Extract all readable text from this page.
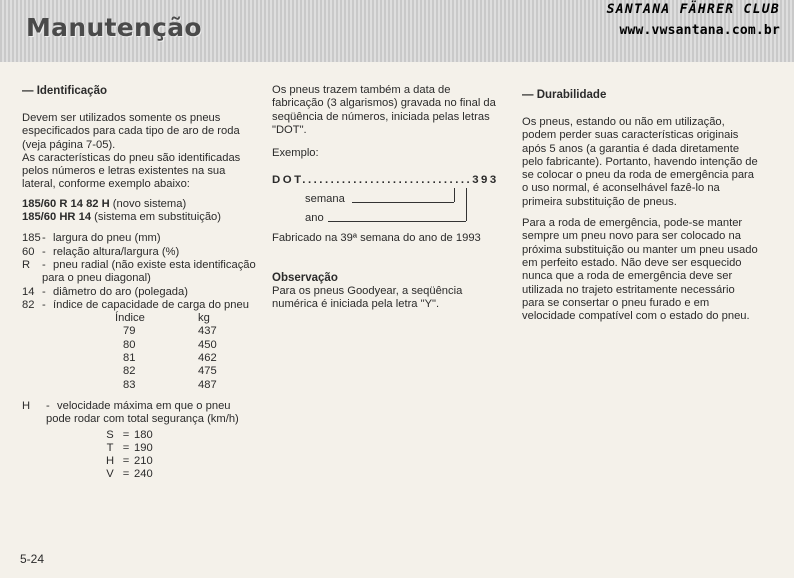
Manutenção
SANTANA FÄHRER CLUB
www.vwsantana.com.br
— Identificação

Devem ser utilizados somente os pneus especificados para cada tipo de aro de roda (veja página 7-05).

As características do pneu são identificadas pelos números e letras existentes na sua lateral, conforme exemplo abaixo:

185/60 R 14 82 H (novo sistema)

185/60 HR 14 (sistema em substituição)

185 - largura do pneu (mm)
60 - relação altura/largura (%)
R	- pneu radial (não existe esta identificação para o pneu diagonal)
14 - diâmetro do aro (polegada)
82 - índice de capacidade de carga do pneu
Índice	kg
79	437
80	450
81	462
82	475
83	487
H	- velocidade máxima em que o pneu pode rodar com total segurança (km/h)
S = 180
T = 190
H = 210
V = 240

Os pneus trazem também a data de fabricação (3 algarismos) gravada no final da seqüência de números, iniciada pelas letras "DOT".

Exemplo:

DOT..............................393
semana
ano

Fabricado na 39ª semana do ano de 1993

Observação

Para os pneus Goodyear, a seqüência numérica é iniciada pela letra "Y".

— Durabilidade

Os pneus, estando ou não em utilização, podem perder suas características originais após 5 anos (a garantia é dada diretamente pelo fabricante). Portanto, havendo intenção de se colocar o pneu da roda de emergência para o uso normal, é aconselhável fazê-lo na primeira substituição de pneus.

Para a roda de emergência, pode-se manter sempre um pneu novo para ser colocado na próxima substituição ou manter um pneu usado em perfeito estado. Não deve ser esquecido nunca que a roda de emergência deve ser utilizada no trajeto estritamente necessário para se consertar o pneu furado e em velocidade compatível com o estado do pneu.

5-24
